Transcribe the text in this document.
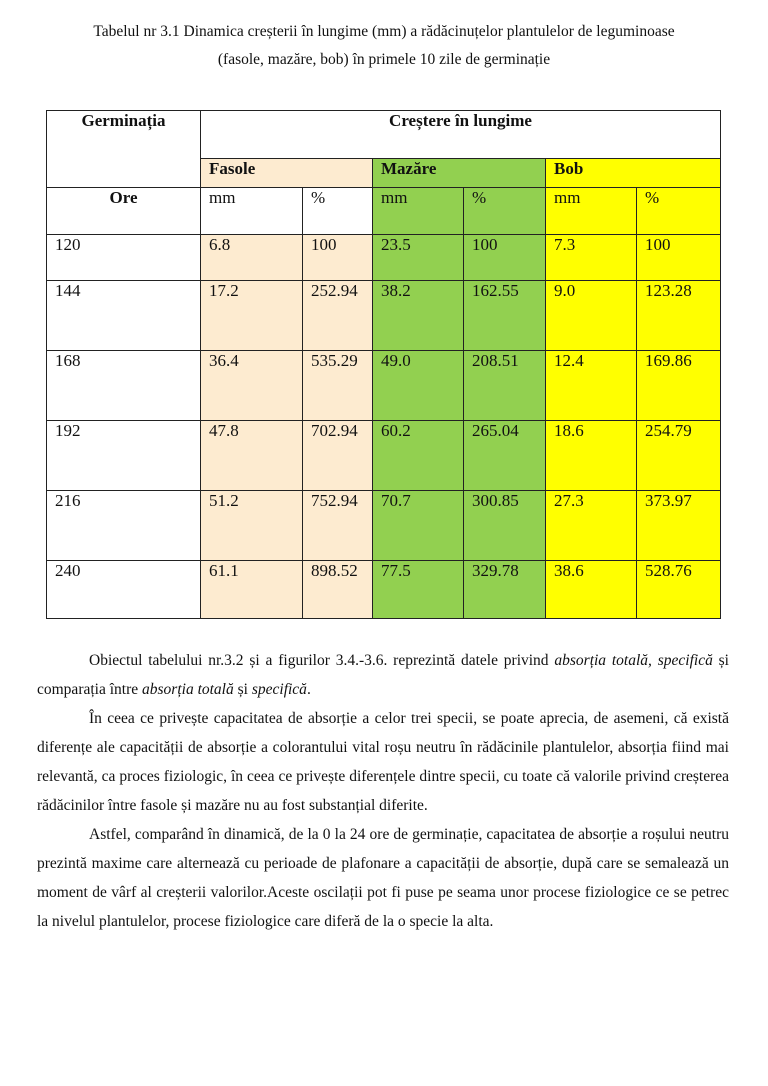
Tabelul nr 3.1 Dinamica creșterii în lungime (mm) a rădăcinuțelor plantulelor de leguminoase
(fasole, mazăre, bob) în primele 10 zile de germinație
Germinația	Creștere în lungime					
	Fasole		Mazăre		Bob	
Ore	mm	%	mm	%	mm	%
120	6.8	100	23.5	100	7.3	100
144	17.2	252.94	38.2	162.55	9.0	123.28
168	36.4	535.29	49.0	208.51	12.4	169.86
192	47.8	702.94	60.2	265.04	18.6	254.79
216	51.2	752.94	70.7	300.85	27.3	373.97
240	61.1	898.52	77.5	329.78	38.6	528.76

Obiectul tabelului nr.3.2 și a figurilor 3.4.-3.6. reprezintă datele privind absorția totală, specifică și comparația între absorția totală și specifică.

În ceea ce privește capacitatea de absorție a celor trei specii, se poate aprecia, de asemeni, că există diferențe ale capacității de absorție a colorantului vital roșu neutru în rădăcinile plantulelor, absorția fiind mai relevantă, ca proces fiziologic, în ceea ce privește diferențele dintre specii, cu toate că valorile privind creșterea rădăcinilor între fasole și mazăre nu au fost substanțial diferite.

Astfel, comparând în dinamică, de la 0 la 24 ore de germinație, capacitatea de absorție a roșului neutru prezintă maxime care alternează cu perioade de plafonare a capacității de absorție, după care se semalează un moment de vârf al creșterii valorilor.Aceste oscilații pot fi puse pe seama unor procese fiziologice ce se petrec la nivelul plantulelor, procese fiziologice care diferă de la o specie la alta.
